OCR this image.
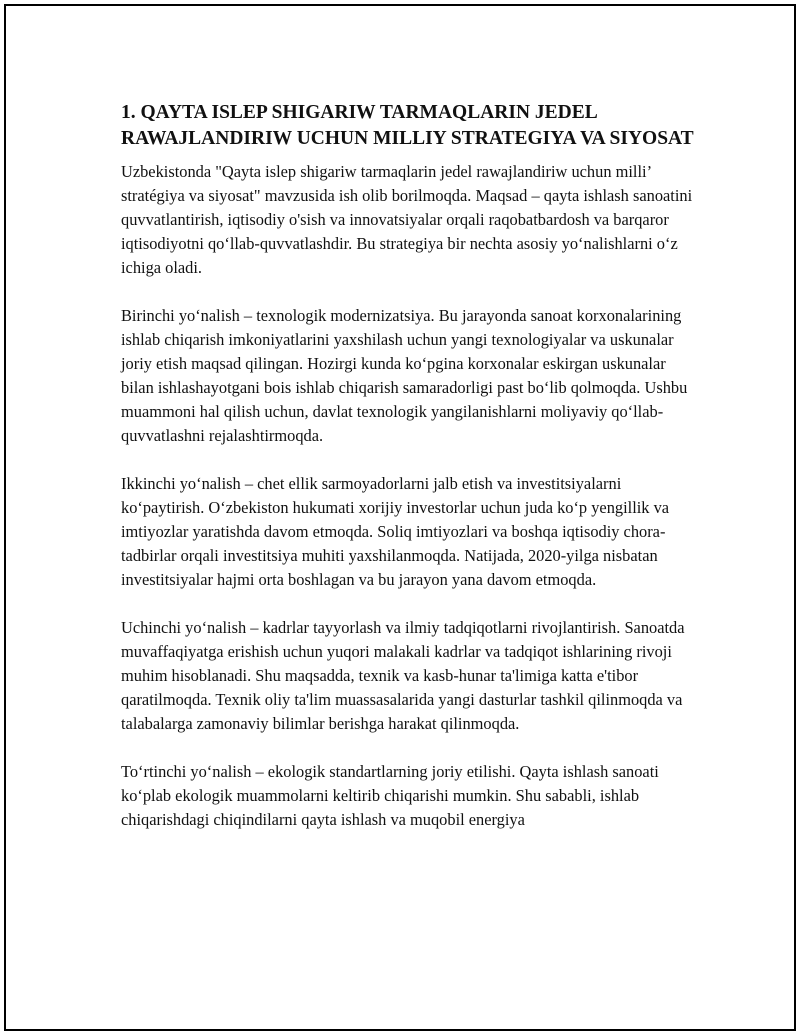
1. QAYTA ISLEP SHIGARIW TARMAQLARIN JEDEL RAWAJLANDIRIW UCHUN MILLIY STRATEGIYA VA SIYOSAT

Uzbekistonda "Qayta islep shigariw tarmaqlarin jedel rawajlandiriw uchun milli’ stratégiya va siyosat" mavzusida ish olib borilmoqda. Maqsad – qayta ishlash sanoatini quvvatlantirish, iqtisodiy o'sish va innovatsiyalar orqali raqobatbardosh va barqaror iqtisodiyotni qo‘llab-quvvatlashdir. Bu strategiya bir nechta asosiy yo‘nalishlarni o‘z ichiga oladi.

Birinchi yo‘nalish – texnologik modernizatsiya. Bu jarayonda sanoat korxonalarining ishlab chiqarish imkoniyatlarini yaxshilash uchun yangi texnologiyalar va uskunalar joriy etish maqsad qilingan. Hozirgi kunda ko‘pgina korxonalar eskirgan uskunalar bilan ishlashayotgani bois ishlab chiqarish samaradorligi past bo‘lib qolmoqda. Ushbu muammoni hal qilish uchun, davlat texnologik yangilanishlarni moliyaviy qo‘llab-quvvatlashni rejalashtirmoqda.

Ikkinchi yo‘nalish – chet ellik sarmoyadorlarni jalb etish va investitsiyalarni ko‘paytirish. O‘zbekiston hukumati xorijiy investorlar uchun juda ko‘p yengillik va imtiyozlar yaratishda davom etmoqda. Soliq imtiyozlari va boshqa iqtisodiy chora-tadbirlar orqali investitsiya muhiti yaxshilanmoqda. Natijada, 2020-yilga nisbatan investitsiyalar hajmi orta boshlagan va bu jarayon yana davom etmoqda.

Uchinchi yo‘nalish – kadrlar tayyorlash va ilmiy tadqiqotlarni rivojlantirish. Sanoatda muvaffaqiyatga erishish uchun yuqori malakali kadrlar va tadqiqot ishlarining rivoji muhim hisoblanadi. Shu maqsadda, texnik va kasb-hunar ta'limiga katta e'tibor qaratilmoqda. Texnik oliy ta'lim muassasalarida yangi dasturlar tashkil qilinmoqda va talabalarga zamonaviy bilimlar berishga harakat qilinmoqda.

To‘rtinchi yo‘nalish – ekologik standartlarning joriy etilishi. Qayta ishlash sanoati ko‘plab ekologik muammolarni keltirib chiqarishi mumkin. Shu sababli, ishlab chiqarishdagi chiqindilarni qayta ishlash va muqobil energiya
